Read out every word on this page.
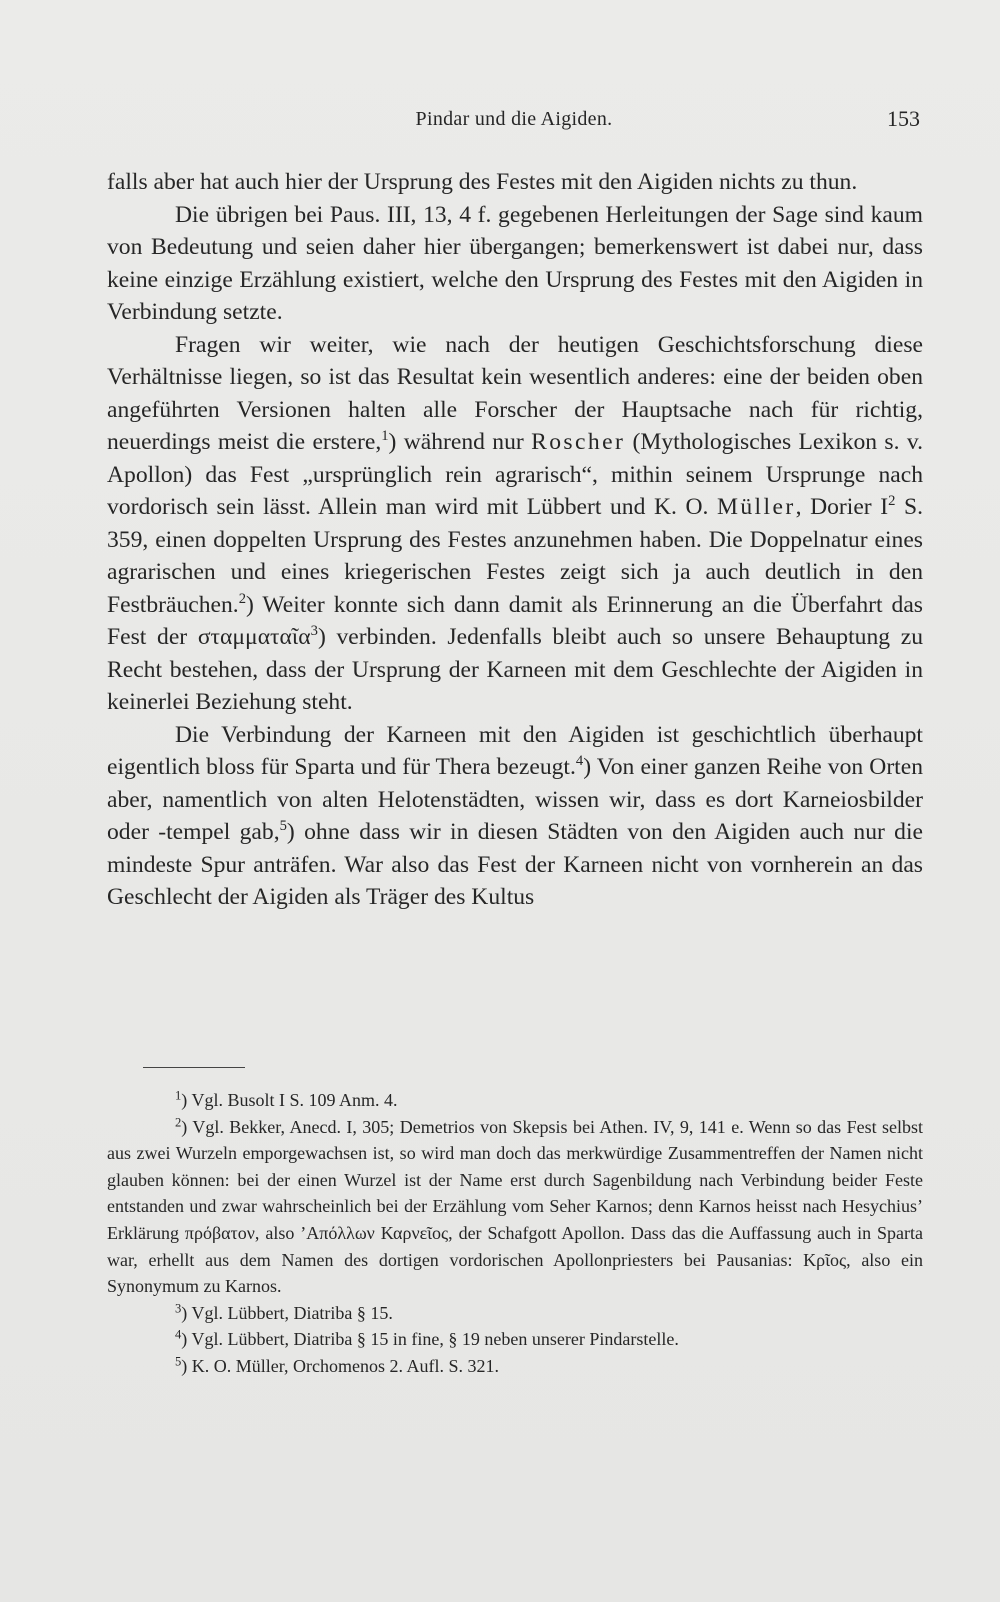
Pindar und die Aigiden.	153

falls aber hat auch hier der Ursprung des Festes mit den Aigiden nichts zu thun.

Die übrigen bei Paus. III, 13, 4 f. gegebenen Herleitungen der Sage sind kaum von Bedeutung und seien daher hier übergangen; bemerkenswert ist dabei nur, dass keine einzige Erzählung existiert, welche den Ursprung des Festes mit den Aigiden in Verbindung setzte.

Fragen wir weiter, wie nach der heutigen Geschichtsforschung diese Verhältnisse liegen, so ist das Resultat kein wesentlich anderes: eine der beiden oben angeführten Versionen halten alle Forscher der Hauptsache nach für richtig, neuerdings meist die erstere,$^1$) während nur Roscher (Mythologisches Lexikon s. v. Apollon) das Fest „ursprünglich rein agrarisch“, mithin seinem Ursprunge nach vordorisch sein lässt. Allein man wird mit Lübbert und K. O. Müller, Dorier $I^2$ S. 359, einen doppelten Ursprung des Festes anzunehmen haben. Die Doppelnatur eines agrarischen und eines kriegerischen Festes zeigt sich ja auch deutlich in den Festbräuchen.$^2$) Weiter konnte sich dann damit als Erinnerung an die Überfahrt das Fest der σταμματαῖα$^3$) verbinden. Jedenfalls bleibt auch so unsere Behauptung zu Recht bestehen, dass der Ursprung der Karneen mit dem Geschlechte der Aigiden in keinerlei Beziehung steht.

Die Verbindung der Karneen mit den Aigiden ist geschichtlich überhaupt eigentlich bloss für Sparta und für Thera bezeugt.$^4$) Von einer ganzen Reihe von Orten aber, namentlich von alten Helotenstädten, wissen wir, dass es dort Karneiosbilder oder -tempel gab,$^5$) ohne dass wir in diesen Städten von den Aigiden auch nur die mindeste Spur anträfen. War also das Fest der Karneen nicht von vornherein an das Geschlecht der Aigiden als Träger des Kultus

$^1$) Vgl. Busolt I S. 109 Anm. 4.

$^2$) Vgl. Bekker, Anecd. I, 305; Demetrios von Skepsis bei Athen. IV, 9, 141 e. Wenn so das Fest selbst aus zwei Wurzeln emporgewachsen ist, so wird man doch das merkwürdige Zusammentreffen der Namen nicht glauben können: bei der einen Wurzel ist der Name erst durch Sagenbildung nach Verbindung beider Feste entstanden und zwar wahrscheinlich bei der Erzählung vom Seher Karnos; denn Karnos heisst nach Hesychius’ Erklärung πρόβατον, also ’Απόλλων Καρνεῖος, der Schafgott Apollon. Dass das die Auffassung auch in Sparta war, erhellt aus dem Namen des dortigen vordorischen Apollonpriesters bei Pausanias: Κρῖος, also ein Synonymum zu Karnos.

$^3$) Vgl. Lübbert, Diatriba § 15.

$^4$) Vgl. Lübbert, Diatriba § 15 in fine, § 19 neben unserer Pindarstelle.

$^5$) K. O. Müller, Orchomenos 2. Aufl. S. 321.
